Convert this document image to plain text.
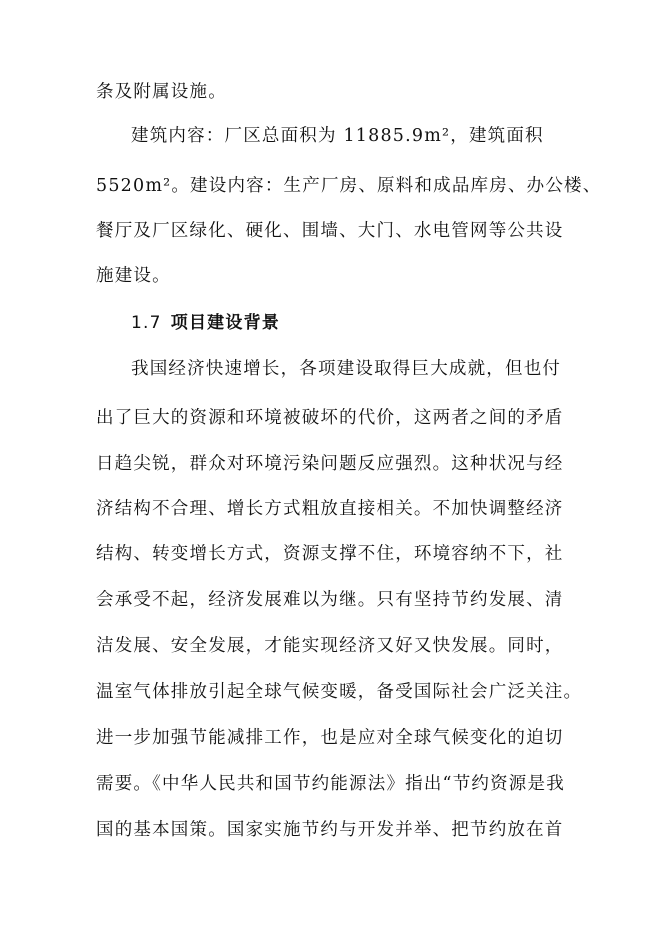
条及附属设施。
建筑内容：厂区总面积为 11885.9m²，建筑面积
5520m²。建设内容：生产厂房、原料和成品库房、办公楼、
餐厅及厂区绿化、硬化、围墙、大门、水电管网等公共设
施建设。
1.7 项目建设背景
我国经济快速增长，各项建设取得巨大成就，但也付
出了巨大的资源和环境被破坏的代价，这两者之间的矛盾
日趋尖锐，群众对环境污染问题反应强烈。这种状况与经
济结构不合理、增长方式粗放直接相关。不加快调整经济
结构、转变增长方式，资源支撑不住，环境容纳不下，社
会承受不起，经济发展难以为继。只有坚持节约发展、清
洁发展、安全发展，才能实现经济又好又快发展。同时，
温室气体排放引起全球气候变暖，备受国际社会广泛关注。
进一步加强节能减排工作，也是应对全球气候变化的迫切
需要。《中华人民共和国节约能源法》指出“节约资源是我
国的基本国策。国家实施节约与开发并举、把节约放在首
